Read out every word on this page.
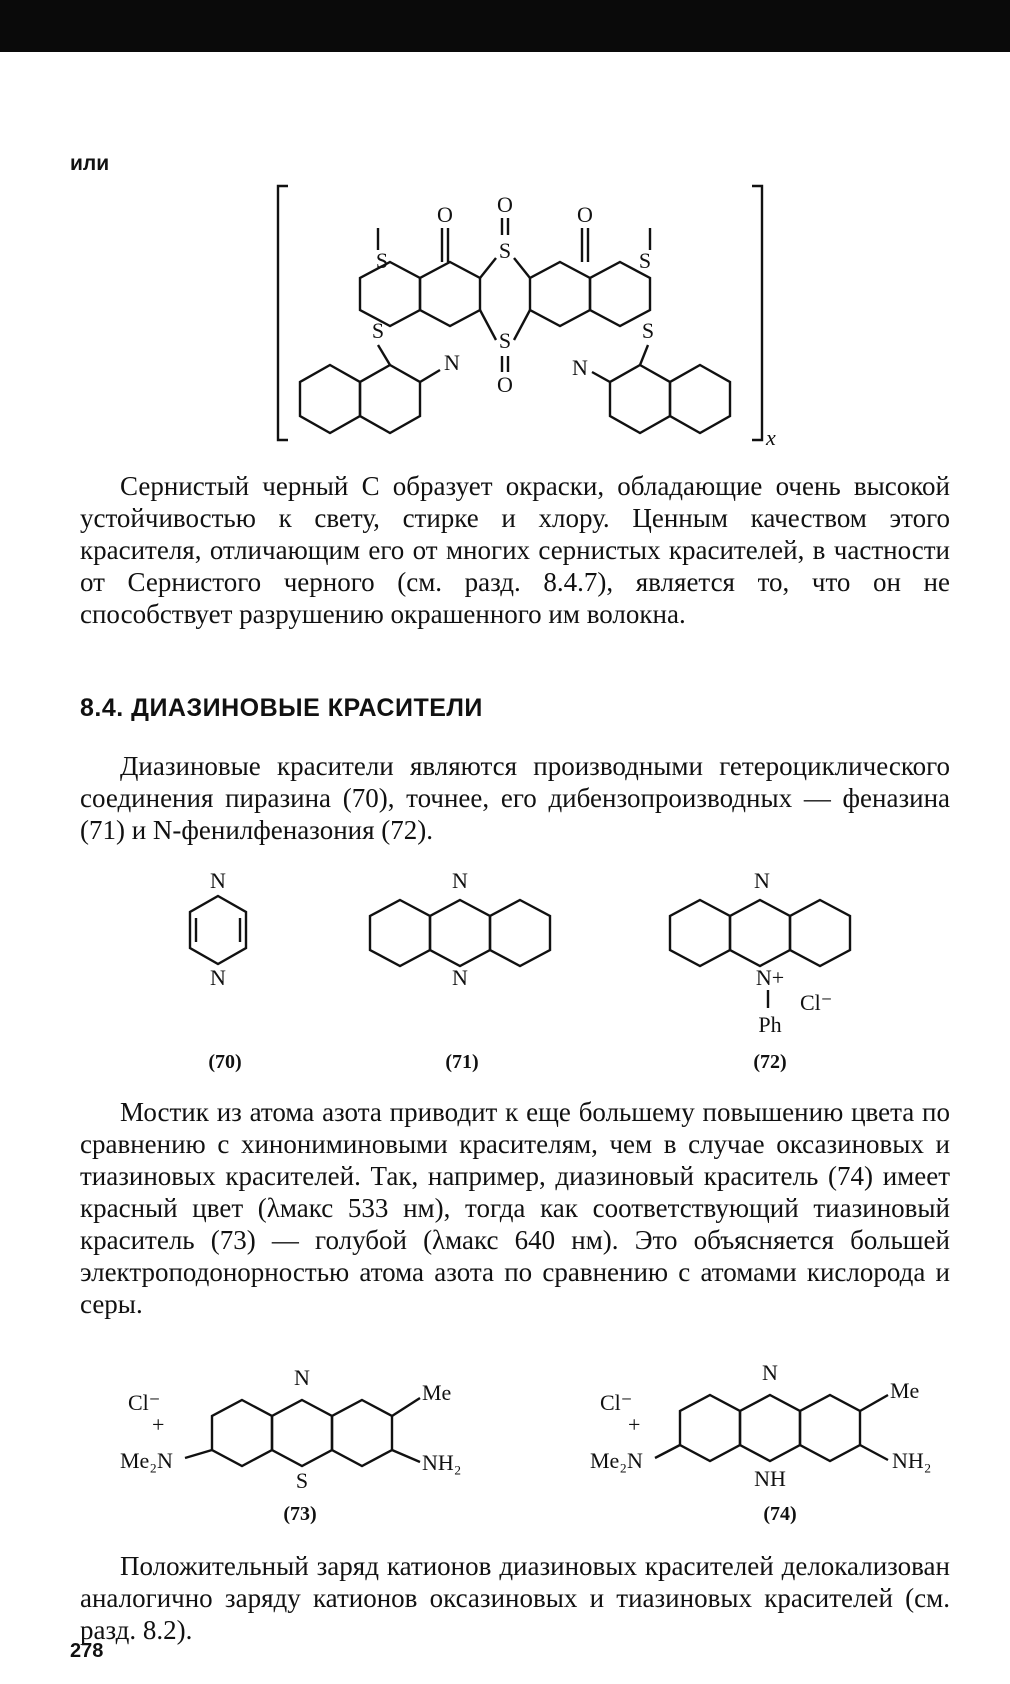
или
x
O
S
S
O
O	O
S	S
S
N
S
N
Сернистый черный С образует окраски, обладающие очень высокой устойчивостью к свету, стирке и хлору. Ценным качеством этого красителя, отличающим его от многих сернистых красителей, в частности от Сернистого черного (см. разд. 8.4.7), является то, что он не способствует разрушению окрашенного им волокна.
8.4. ДИАЗИНОВЫЕ КРАСИТЕЛИ
Диазиновые красители являются производными гетероциклического соединения пиразина (70), точнее, его дибензопроизводных — феназина (71) и N-фенилфеназония (72).
N
N
(70)
N
N
(71)
N
N+
Ph
Cl⁻
(72)
Мостик из атома азота приводит к еще большему повышению цвета по сравнению с хинониминовыми красителям, чем в случае оксазиновых и тиазиновых красителей. Так, например, диазиновый краситель (74) имеет красный цвет (λмакс 533 нм), тогда как соответствующий тиазиновый краситель (73) — голубой (λмакс 640 нм). Это объясняется большей электроподонорностью атома азота по сравнению с атомами кислорода и серы.
Cl⁻
+
Me₂N
N
S
Me
NH₂
(73)
Cl⁻
+
Me₂N
N
NH
Me
NH₂
(74)
Положительный заряд катионов диазиновых красителей делокализован аналогично заряду катионов оксазиновых и тиазиновых красителей (см. разд. 8.2).
278
